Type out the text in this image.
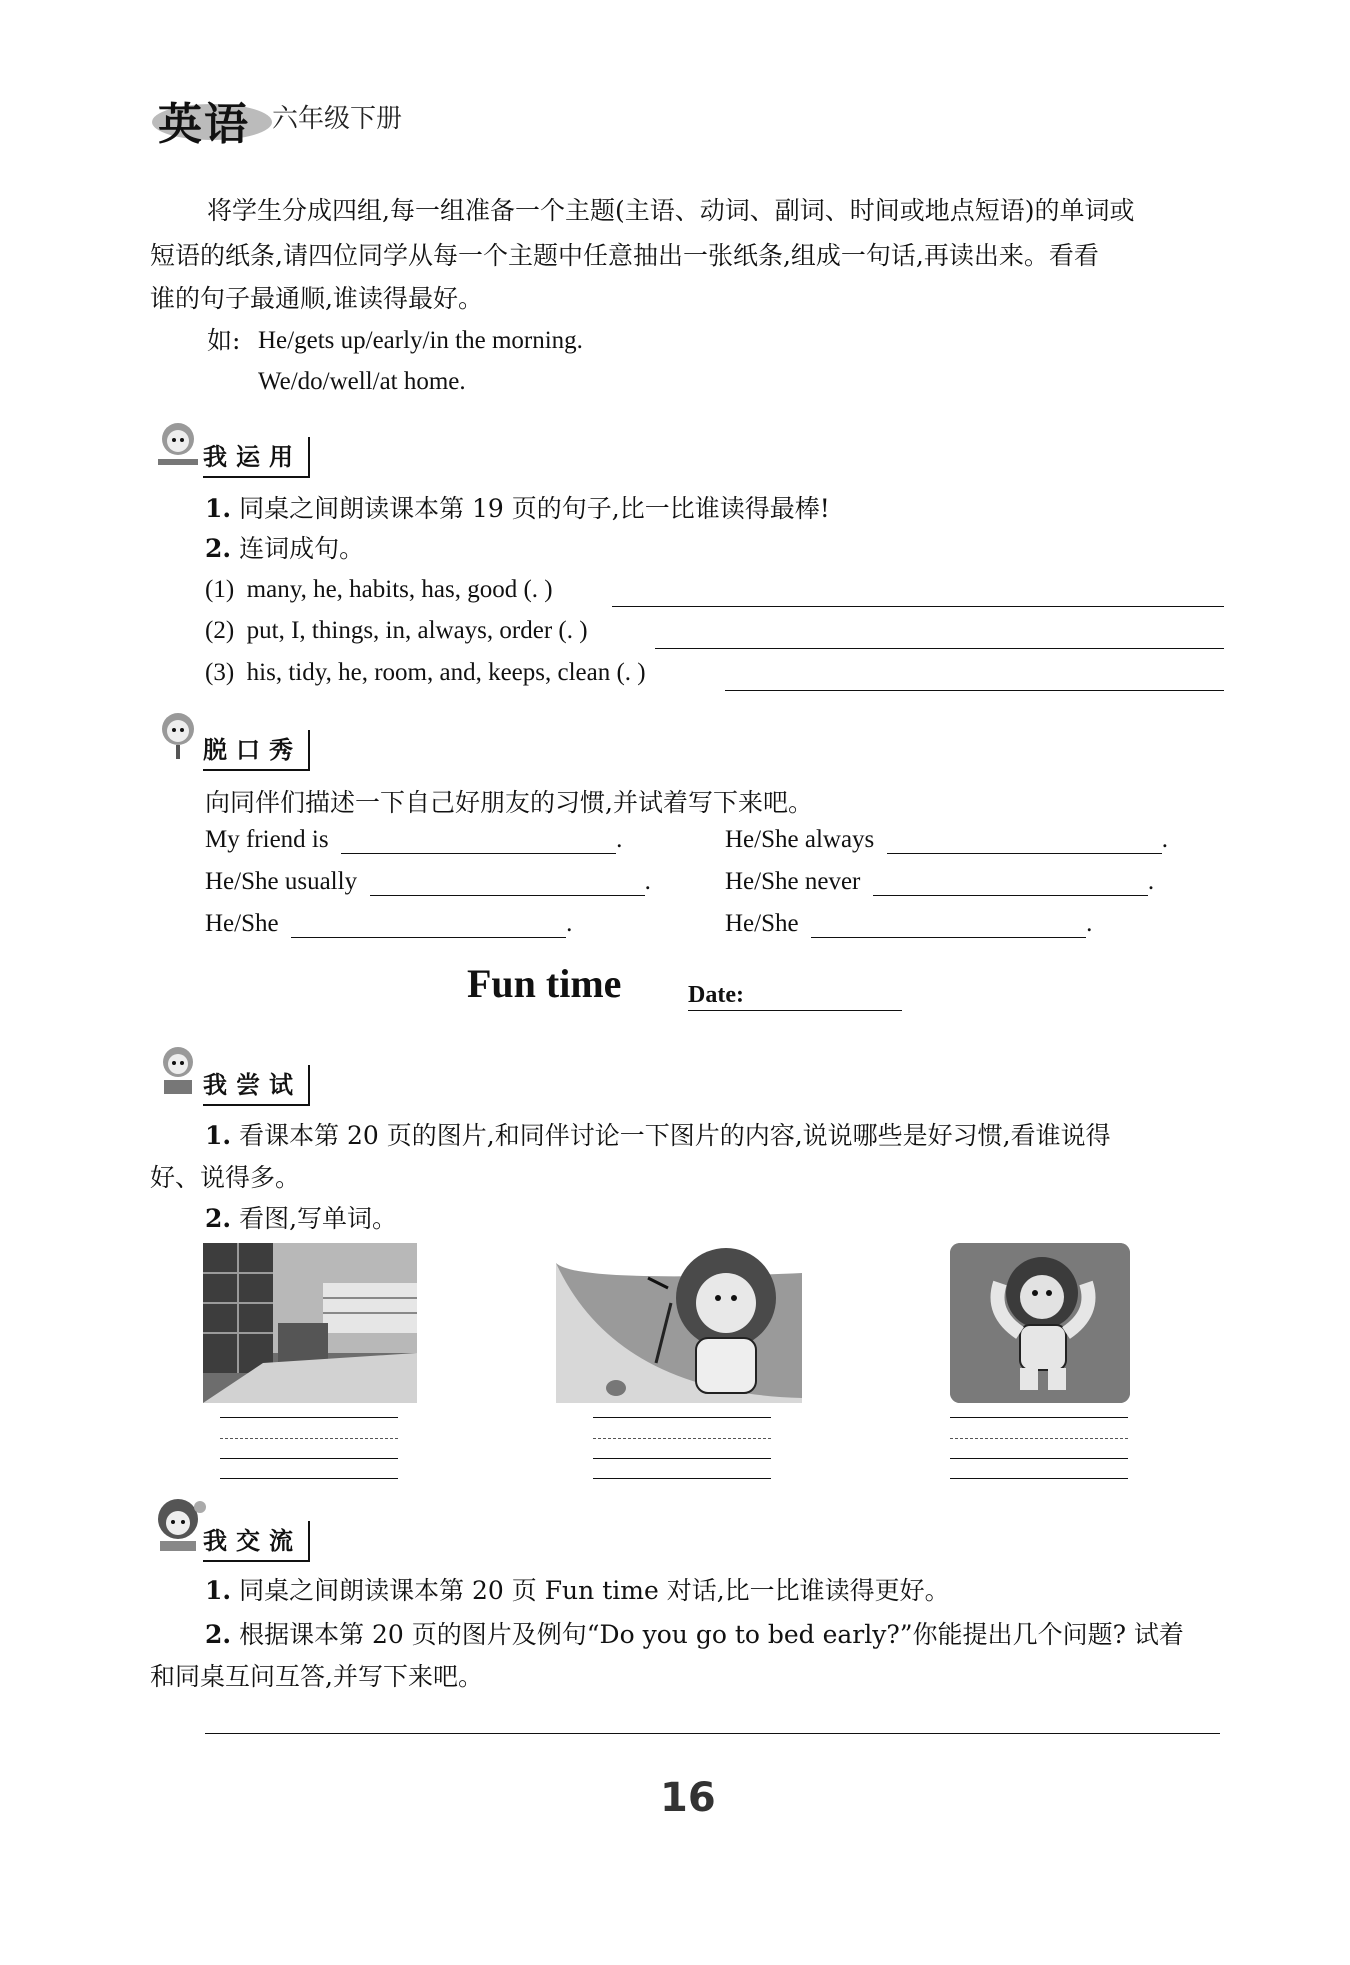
英语 六年级下册
将学生分成四组,每一组准备一个主题(主语、动词、副词、时间或地点短语)的单词或
短语的纸条,请四位同学从每一个主题中任意抽出一张纸条,组成一句话,再读出来。看看
谁的句子最通顺,谁读得最好。
如: He/gets up/early/in the morning.
We/do/well/at home.
我运用
1. 同桌之间朗读课本第 19 页的句子,比一比谁读得最棒!
2. 连词成句。
(1) many, he, habits, has, good (. )
(2) put, I, things, in, always, order (. )
(3) his, tidy, he, room, and, keeps, clean (. )
脱口秀
向同伴们描述一下自己好朋友的习惯,并试着写下来吧。
My friend is	.	He/She always	.
He/She usually	.	He/She never	.
He/She	.	He/She	.
Fun time	Date:
我尝试
1. 看课本第 20 页的图片,和同伴讨论一下图片的内容,说说哪些是好习惯,看谁说得
好、说得多。
2. 看图,写单词。
我交流
1. 同桌之间朗读课本第 20 页 Fun time 对话,比一比谁读得更好。
2. 根据课本第 20 页的图片及例句“Do you go to bed early?”你能提出几个问题? 试着
和同桌互问互答,并写下来吧。
16
